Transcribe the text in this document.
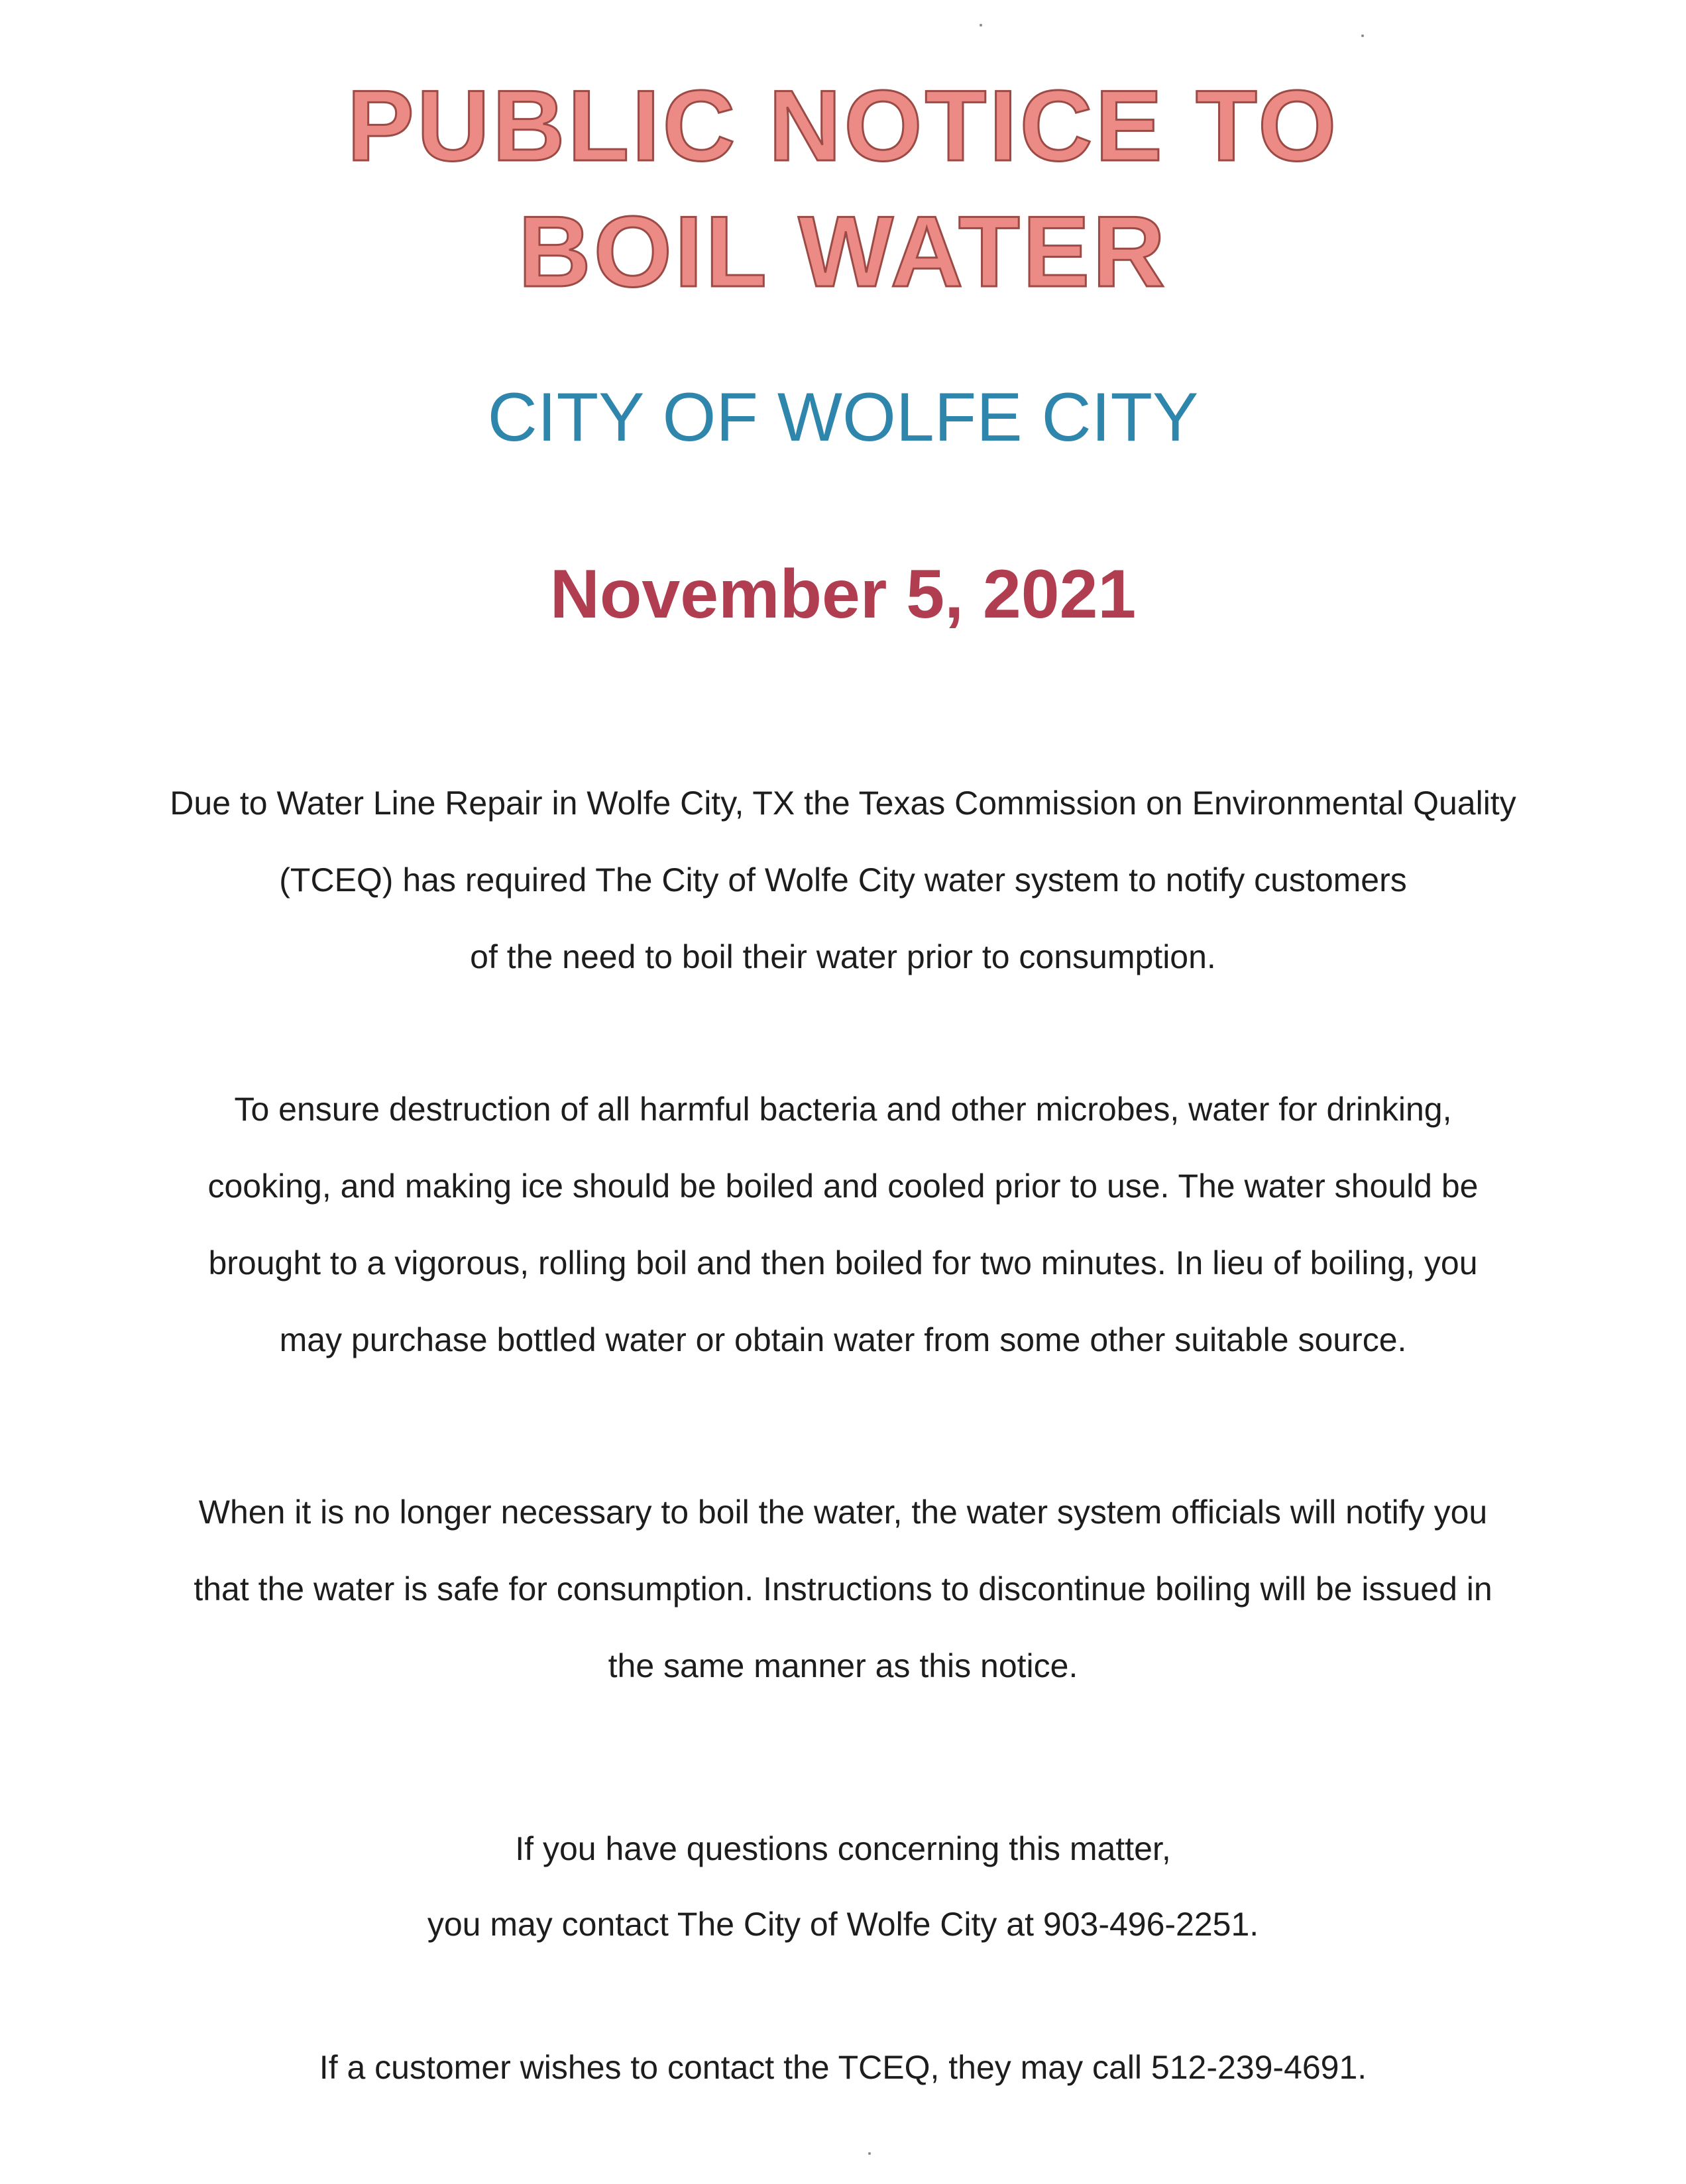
PUBLIC NOTICE TO
BOIL WATER
CITY OF WOLFE CITY
November 5, 2021
Due to Water Line Repair in Wolfe City, TX the Texas Commission on Environmental Quality
(TCEQ) has required The City of Wolfe City water system to notify customers
of the need to boil their water prior to consumption.
To ensure destruction of all harmful bacteria and other microbes, water for drinking,
cooking, and making ice should be boiled and cooled prior to use. The water should be
brought to a vigorous, rolling boil and then boiled for two minutes. In lieu of boiling, you
may purchase bottled water or obtain water from some other suitable source.
When it is no longer necessary to boil the water, the water system officials will notify you
that the water is safe for consumption. Instructions to discontinue boiling will be issued in
the same manner as this notice.
If you have questions concerning this matter,
you may contact The City of Wolfe City at 903-496-2251.
If a customer wishes to contact the TCEQ, they may call 512-239-4691.
